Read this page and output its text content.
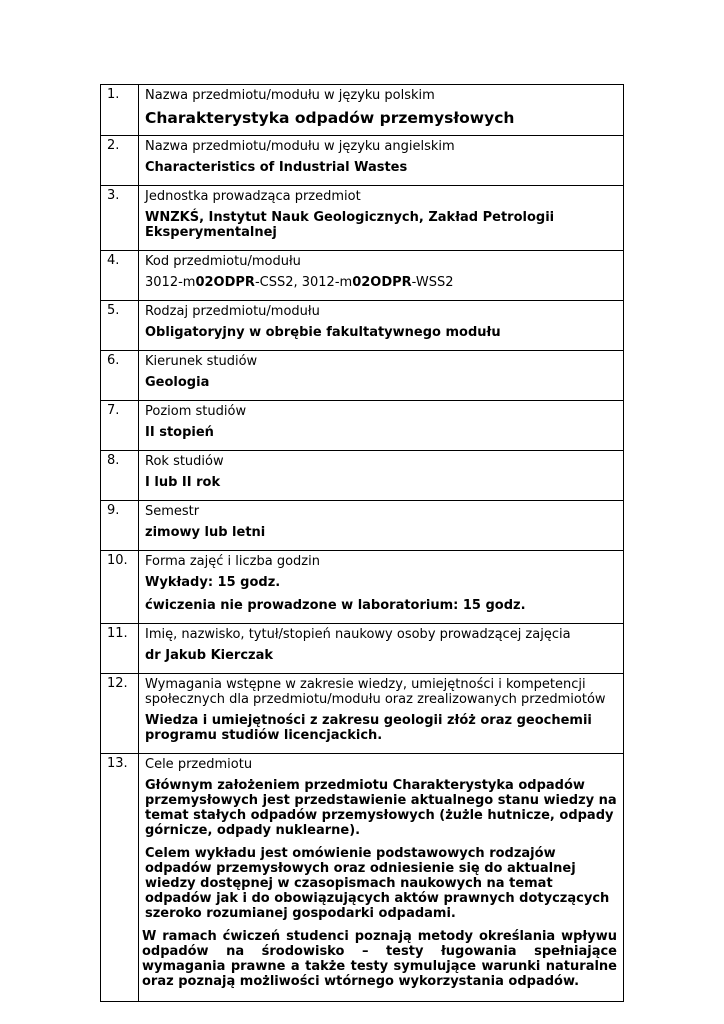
1.	Nazwa przedmiotu/modułu w języku polskim
Charakterystyka odpadów przemysłowych

2.	Nazwa przedmiotu/modułu w języku angielskim
Characteristics of Industrial Wastes

3.	Jednostka prowadząca przedmiot
WNZKŚ, Instytut Nauk Geologicznych, Zakład Petrologii Eksperymentalnej

4.	Kod przedmiotu/modułu
3012-m02ODPR-CSS2, 3012-m02ODPR-WSS2

5.	Rodzaj przedmiotu/modułu
Obligatoryjny w obrębie fakultatywnego modułu

6.	Kierunek studiów
Geologia

7.	Poziom studiów
II stopień

8.	Rok studiów
I lub II rok

9.	Semestr
zimowy lub letni

10.	Forma zajęć i liczba godzin
Wykłady: 15 godz.
ćwiczenia nie prowadzone w laboratorium: 15 godz.

11.	Imię, nazwisko, tytuł/stopień naukowy osoby prowadzącej zajęcia
dr Jakub Kierczak

12.	Wymagania wstępne w zakresie wiedzy, umiejętności i kompetencji społecznych dla przedmiotu/modułu oraz zrealizowanych przedmiotów
Wiedza i umiejętności z zakresu geologii złóż oraz geochemii programu studiów licencjackich.

13.	Cele przedmiotu
Głównym założeniem przedmiotu Charakterystyka odpadów przemysłowych jest przedstawienie aktualnego stanu wiedzy na temat stałych odpadów przemysłowych (żużle hutnicze, odpady górnicze, odpady nuklearne).
Celem wykładu jest omówienie podstawowych rodzajów odpadów przemysłowych oraz odniesienie się do aktualnej wiedzy dostępnej w czasopismach naukowych na temat odpadów jak i do obowiązujących aktów prawnych dotyczących szeroko rozumianej gospodarki odpadami.
W ramach ćwiczeń studenci poznają metody określania wpływu odpadów na środowisko – testy ługowania spełniające wymagania prawne a także testy symulujące warunki naturalne oraz poznają możliwości wtórnego wykorzystania odpadów.
